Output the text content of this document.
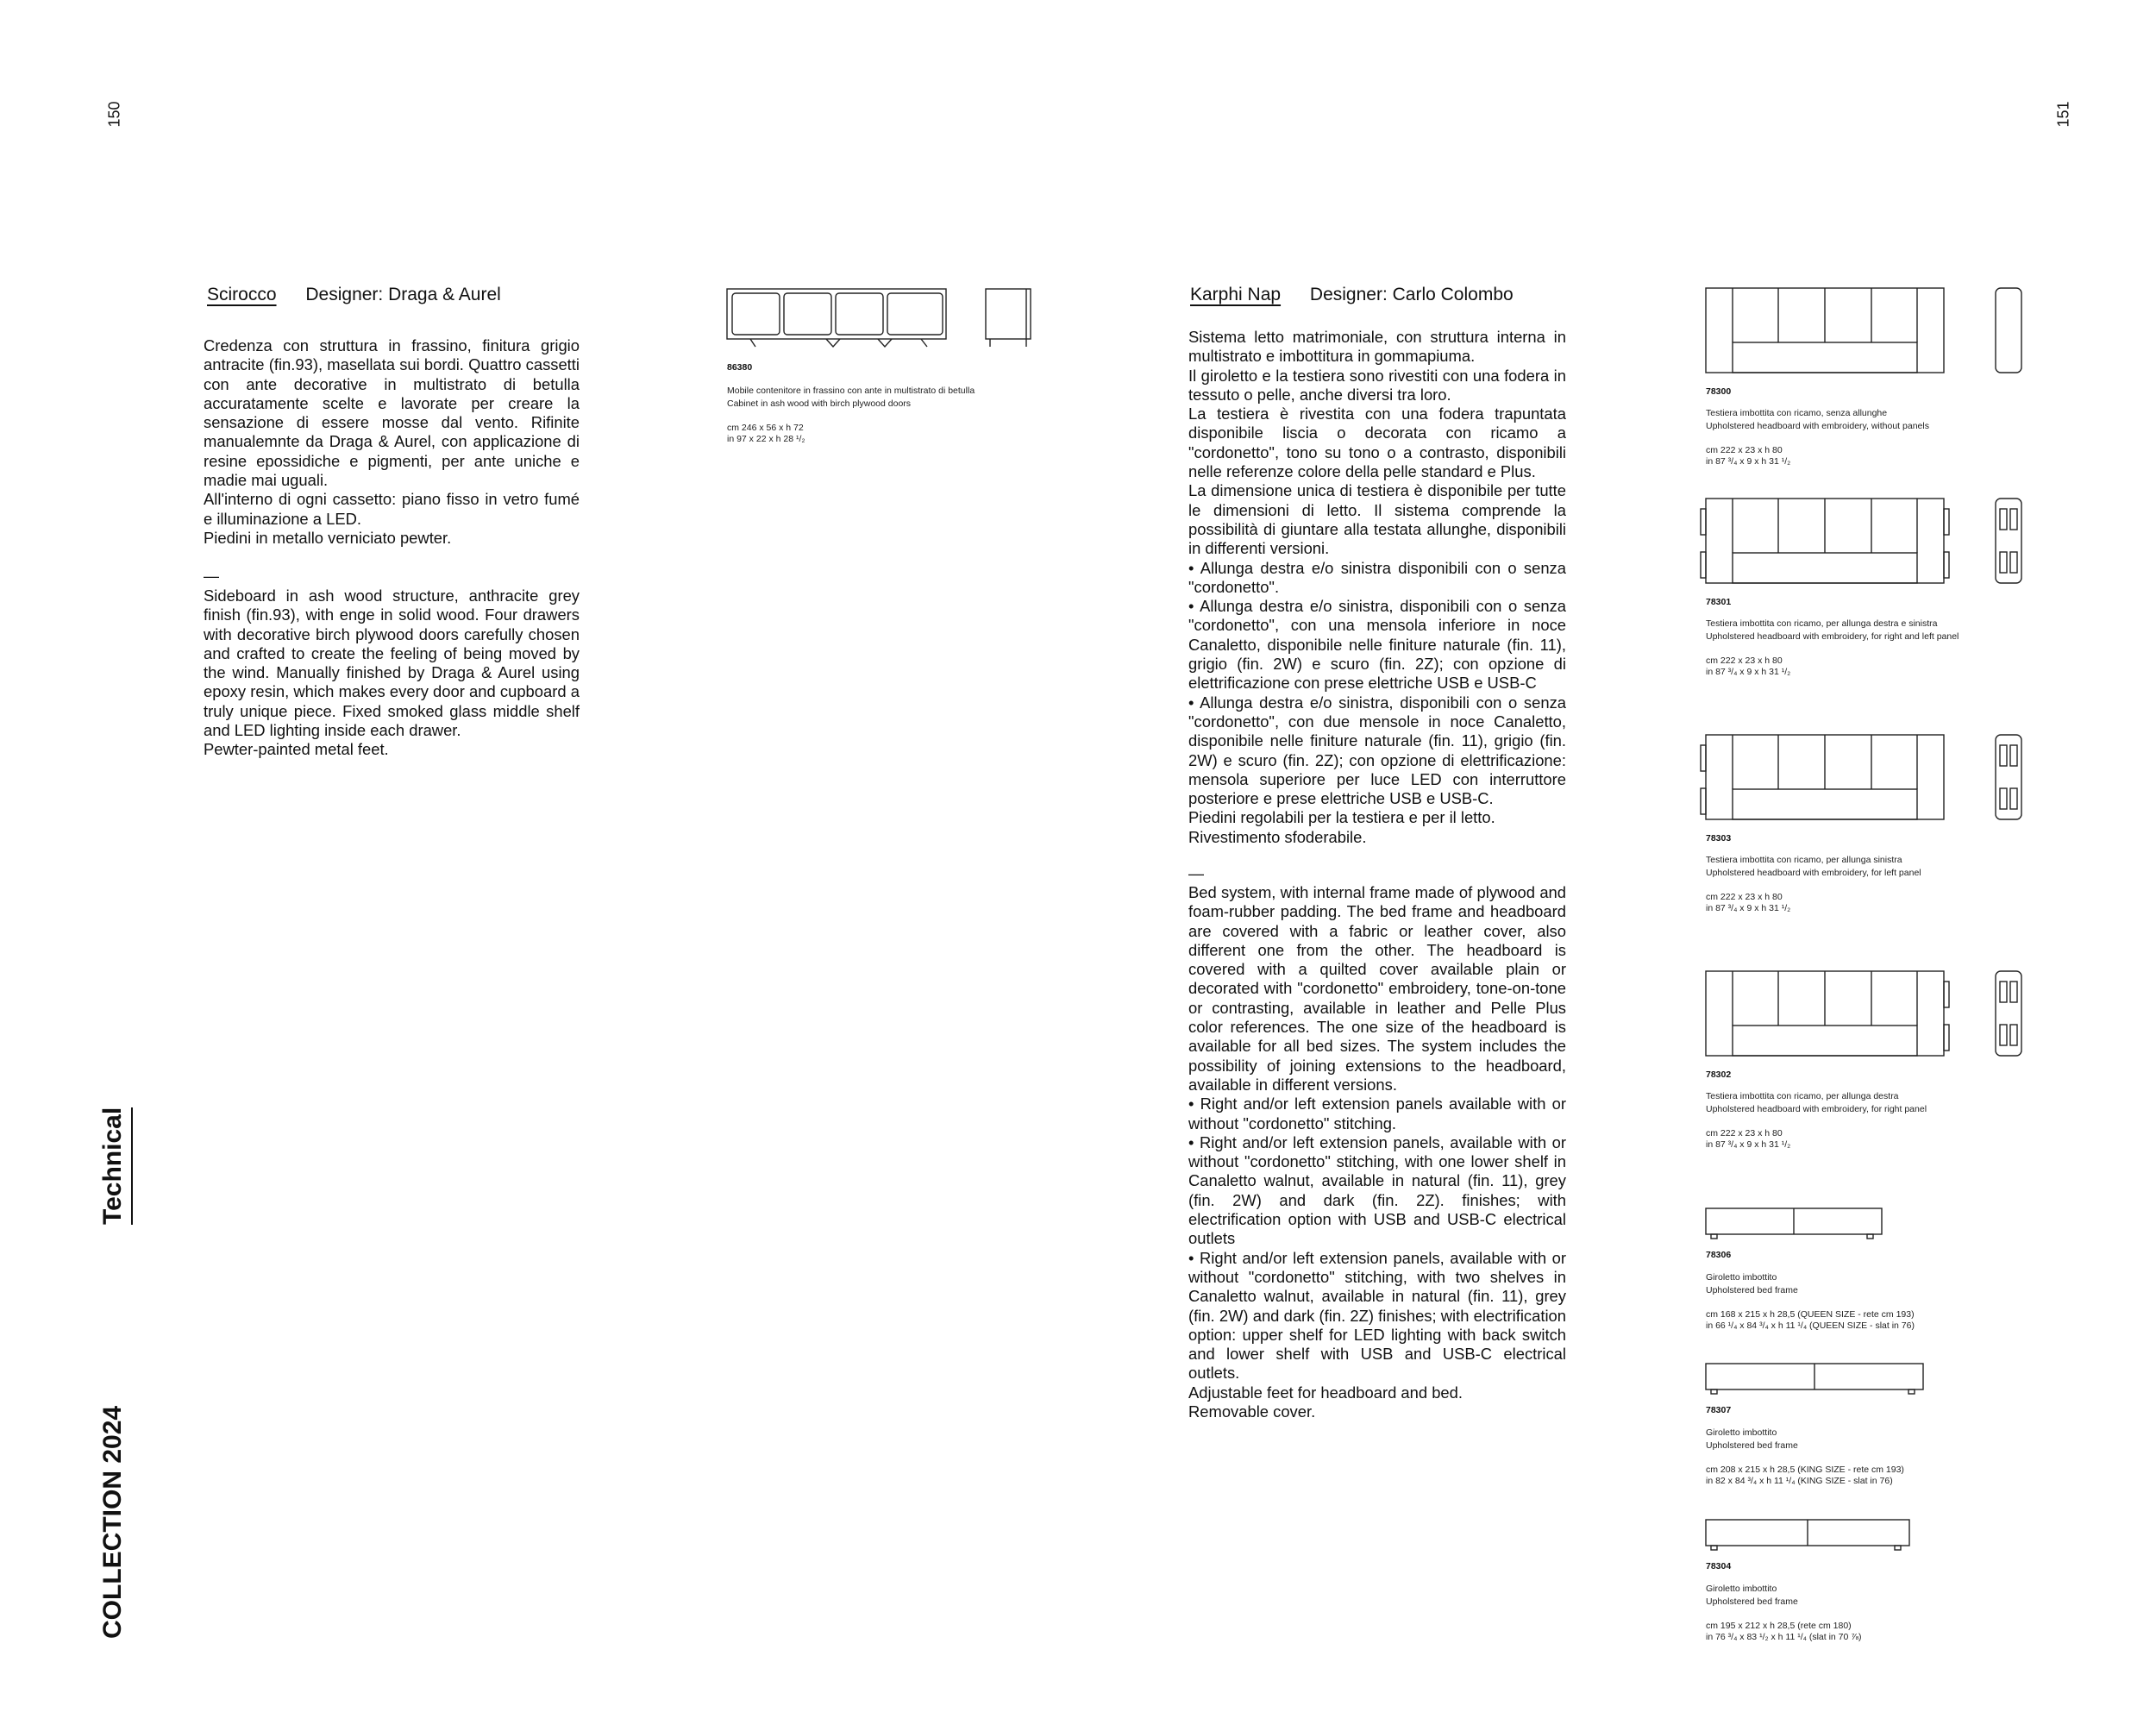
150	151
Technical
COLLECTION 2024
Scirocco Designer: Draga & Aurel

Credenza con struttura in frassino, finitura grigio antracite (fin.93), masellata sui bordi. Quattro cassetti con ante decorative in multistrato di betulla accuratamente scelte e lavorate per creare la sensazione di essere mosse dal vento. Rifinite manualemnte da Draga & Aurel, con applicazione di resine epossidiche e pigmenti, per ante uniche e madie mai uguali.
All'interno di ogni cassetto: piano fisso in vetro fumé e illuminazione a LED.
Piedini in metallo verniciato pewter.

—

Sideboard in ash wood structure, anthracite grey finish (fin.93), with enge in solid wood. Four drawers with decorative birch plywood doors carefully chosen and crafted to create the feeling of being moved by the wind. Manually finished by Draga & Aurel using epoxy resin, which makes every door and cupboard a truly unique piece. Fixed smoked glass middle shelf and LED lighting inside each drawer.
Pewter-painted metal feet.

86380
Mobile contenitore in frassino con ante in multistrato di betulla
Cabinet in ash wood with birch plywood doors
cm 246 x 56 x h 72
in 97 x 22 x h 28 ¹/₂
Karphi Nap Designer: Carlo Colombo

Sistema letto matrimoniale, con struttura interna in multistrato e imbottitura in gommapiuma.
Il giroletto e la testiera sono rivestiti con una fodera in tessuto o pelle, anche diversi tra loro.
La testiera è rivestita con una fodera trapuntata disponibile liscia o decorata con ricamo a "cordonetto", tono su tono o a contrasto, disponibili nelle referenze colore della pelle standard e Plus.
La dimensione unica di testiera è disponibile per tutte le dimensioni di letto. Il sistema comprende la possibilità di giuntare alla testata allunghe, disponibili in differenti versioni.
• Allunga destra e/o sinistra disponibili con o senza "cordonetto".
• Allunga destra e/o sinistra, disponibili con o senza "cordonetto", con una mensola inferiore in noce Canaletto, disponibile nelle finiture naturale (fin. 11), grigio (fin. 2W) e scuro (fin. 2Z); con opzione di elettrificazione con prese elettriche USB e USB-C
• Allunga destra e/o sinistra, disponibili con o senza "cordonetto", con due mensole in noce Canaletto, disponibile nelle finiture naturale (fin. 11), grigio (fin. 2W) e scuro (fin. 2Z); con opzione di elettrificazione: mensola superiore per luce LED con interruttore posteriore e prese elettriche USB e USB-C.
Piedini regolabili per la testiera e per il letto.
Rivestimento sfoderabile.

—

Bed system, with internal frame made of plywood and foam-rubber padding. The bed frame and headboard are covered with a fabric or leather cover, also different one from the other. The headboard is covered with a quilted cover available plain or decorated with "cordonetto" embroidery, tone-on-tone or contrasting, available in leather and Pelle Plus color references. The one size of the headboard is available for all bed sizes. The system includes the possibility of joining extensions to the headboard, available in different versions.
• Right and/or left extension panels available with or without "cordonetto" stitching.
• Right and/or left extension panels, available with or without "cordonetto" stitching, with one lower shelf in Canaletto walnut, available in natural (fin. 11), grey (fin. 2W) and dark (fin. 2Z). finishes; with electrification option with USB and USB-C electrical outlets
• Right and/or left extension panels, available with or without "cordonetto" stitching, with two shelves in Canaletto walnut, available in natural (fin. 11), grey (fin. 2W) and dark (fin. 2Z) finishes; with electrification option: upper shelf for LED lighting with back switch and lower shelf with USB and USB-C electrical outlets.
Adjustable feet for headboard and bed.
Removable cover.

78300
Testiera imbottita con ricamo, senza allunghe
Upholstered headboard with embroidery, without panels
cm 222 x 23 x h 80
in 87 ³/₄ x 9 x h 31 ¹/₂
78301
Testiera imbottita con ricamo, per allunga destra e sinistra
Upholstered headboard with embroidery, for right and left panel
cm 222 x 23 x h 80
in 87 ³/₄ x 9 x h 31 ¹/₂
78303
Testiera imbottita con ricamo, per allunga sinistra
Upholstered headboard with embroidery, for left panel
cm 222 x 23 x h 80
in 87 ³/₄ x 9 x h 31 ¹/₂
78302
Testiera imbottita con ricamo, per allunga destra
Upholstered headboard with embroidery, for right panel
cm 222 x 23 x h 80
in 87 ³/₄ x 9 x h 31 ¹/₂
78306
Giroletto imbottito
Upholstered bed frame
cm 168 x 215 x h 28,5 (QUEEN SIZE - rete cm 193)
in 66 ¹/₄ x 84 ³/₄ x h 11 ¹/₄ (QUEEN SIZE - slat in 76)
78307
Giroletto imbottito
Upholstered bed frame
cm 208 x 215 x h 28,5 (KING SIZE - rete cm 193)
in 82 x 84 ³/₄ x h 11 ¹/₄ (KING SIZE - slat in 76)
78304
Giroletto imbottito
Upholstered bed frame
cm 195 x 212 x h 28,5 (rete cm 180)
in 76 ³/₄ x 83 ¹/₂ x h 11 ¹/₄ (slat in 70 ⅞)
